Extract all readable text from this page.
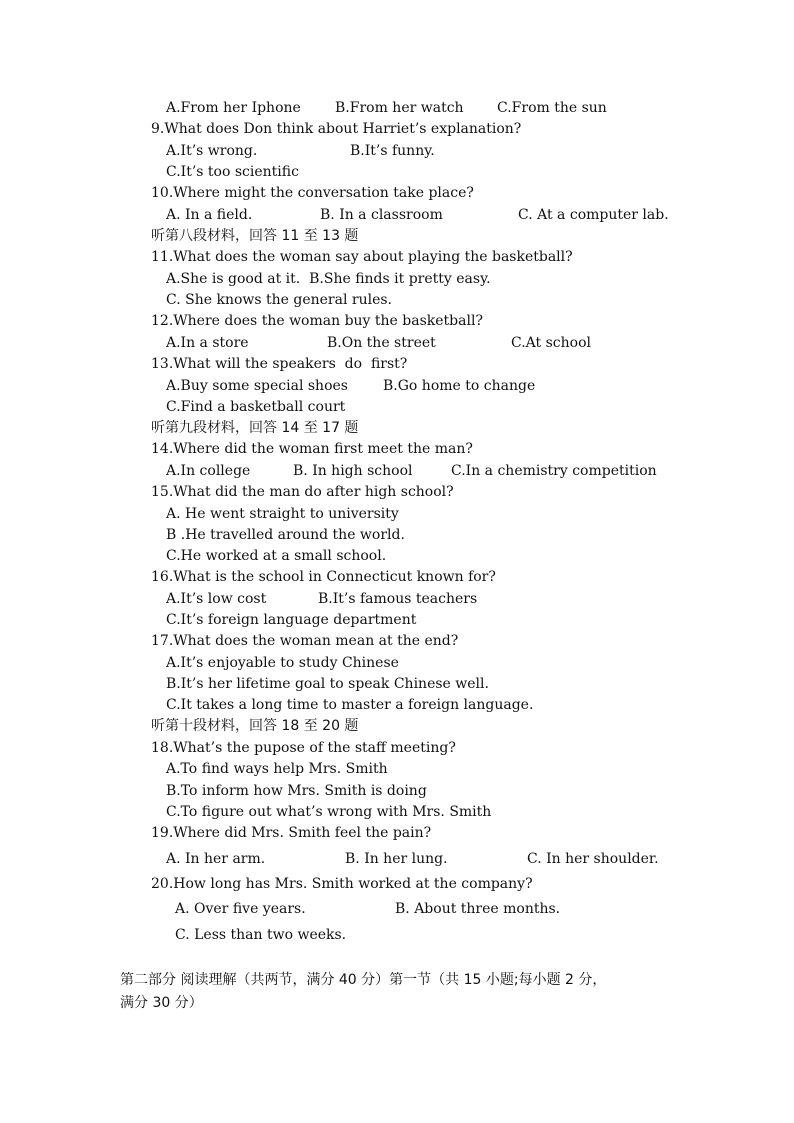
A.From her Iphone B.From her watch C.From the sun
9.What does Don think about Harriet’s explanation?
A.It’s wrong.	B.It’s funny.
C.It’s too scientific
10.Where might the conversation take place?
A. In a field.	B. In a classroom	C. At a computer lab.
听第八段材料，回答 11 至 13 题
11.What does the woman say about playing the basketball?
A.She is good at it.  B.She finds it pretty easy.
C. She knows the general rules.
12.Where does the woman buy the basketball?
A.In a store	B.On the street	C.At school
13.What will the speakers  do  first?
A.Buy some special shoes	B.Go home to change
C.Find a basketball court
听第九段材料，回答 14 至 17 题
14.Where did the woman first meet the man?
A.In college	B. In high school	C.In a chemistry competition
15.What did the man do after high school?
A. He went straight to university
B .He travelled around the world.
C.He worked at a small school.
16.What is the school in Connecticut known for?
A.It’s low cost	B.It’s famous teachers
C.It’s foreign language department
17.What does the woman mean at the end?
A.It’s enjoyable to study Chinese
B.It’s her lifetime goal to speak Chinese well.
C.It takes a long time to master a foreign language.
听第十段材料，回答 18 至 20 题
18.What’s the pupose of the staff meeting?
A.To find ways help Mrs. Smith
B.To inform how Mrs. Smith is doing
C.To figure out what’s wrong with Mrs. Smith
19.Where did Mrs. Smith feel the pain?
A. In her arm.	B. In her lung.	C. In her shoulder.
20.How long has Mrs. Smith worked at the company?
A. Over five years.	B. About three months.
C. Less than two weeks.
第二部分 阅读理解（共两节，满分 40 分）第一节（共 15 小题;每小题 2 分，
满分 30 分）
